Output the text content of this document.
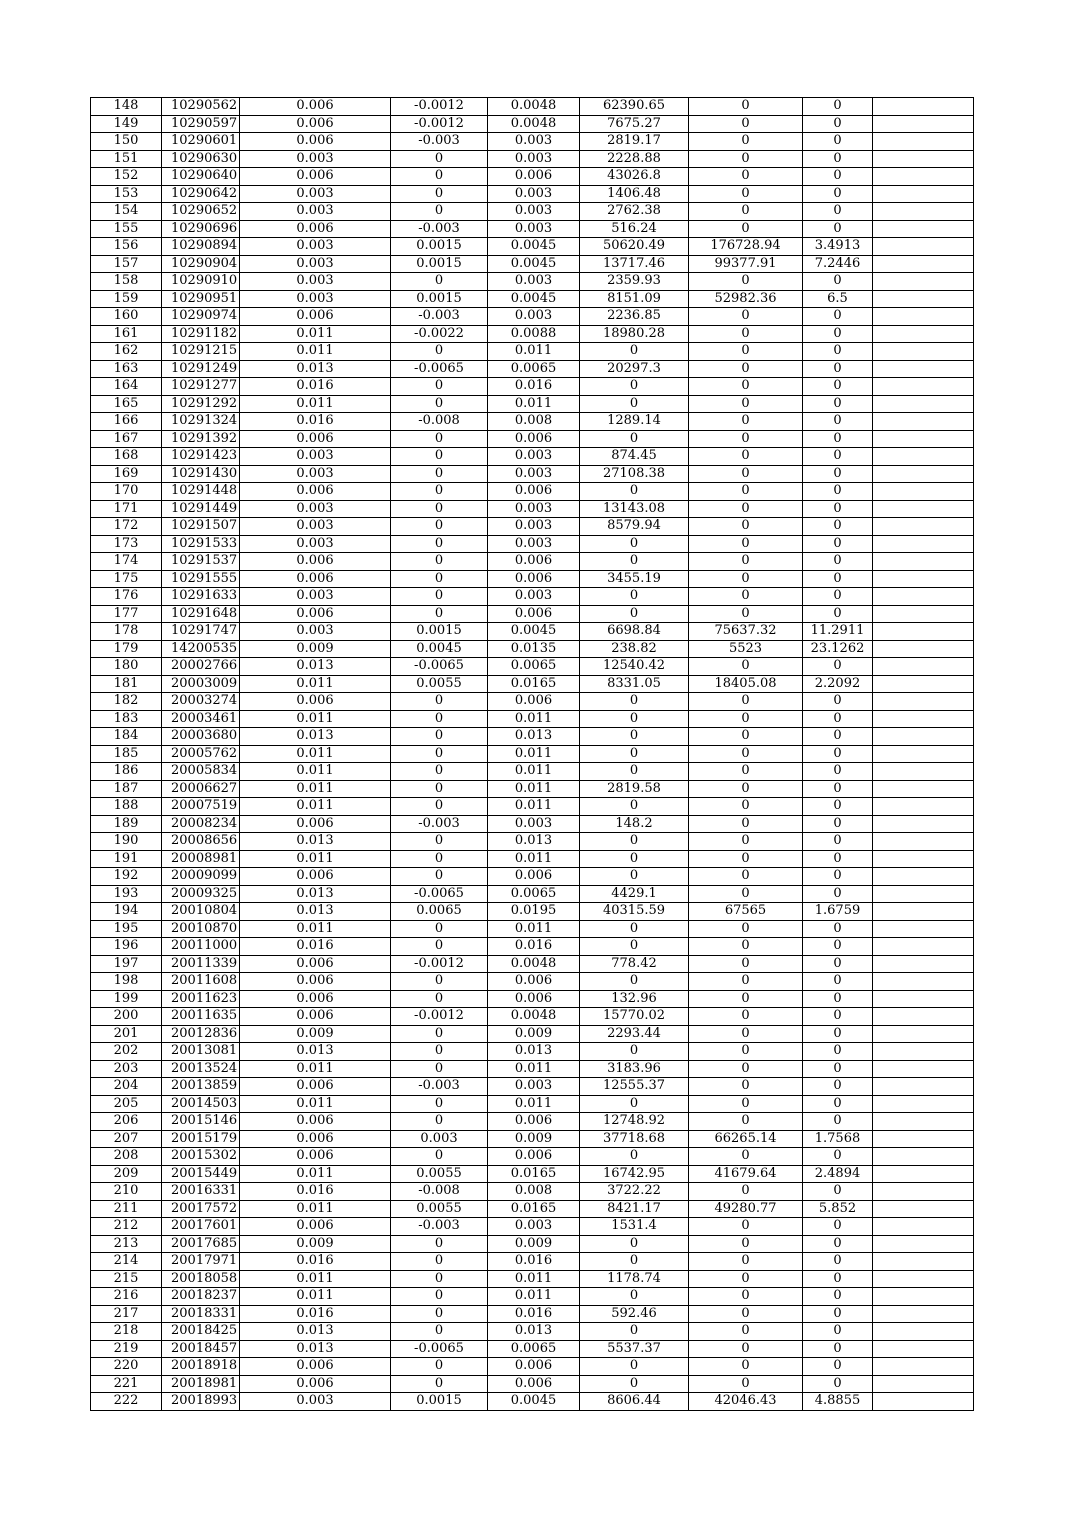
148	10290562	0.006	-0.0012	0.0048	62390.65	0	0	
149	10290597	0.006	-0.0012	0.0048	7675.27	0	0	
150	10290601	0.006	-0.003	0.003	2819.17	0	0	
151	10290630	0.003	0	0.003	2228.88	0	0	
152	10290640	0.006	0	0.006	43026.8	0	0	
153	10290642	0.003	0	0.003	1406.48	0	0	
154	10290652	0.003	0	0.003	2762.38	0	0	
155	10290696	0.006	-0.003	0.003	516.24	0	0	
156	10290894	0.003	0.0015	0.0045	50620.49	176728.94	3.4913	
157	10290904	0.003	0.0015	0.0045	13717.46	99377.91	7.2446	
158	10290910	0.003	0	0.003	2359.93	0	0	
159	10290951	0.003	0.0015	0.0045	8151.09	52982.36	6.5	
160	10290974	0.006	-0.003	0.003	2236.85	0	0	
161	10291182	0.011	-0.0022	0.0088	18980.28	0	0	
162	10291215	0.011	0	0.011	0	0	0	
163	10291249	0.013	-0.0065	0.0065	20297.3	0	0	
164	10291277	0.016	0	0.016	0	0	0	
165	10291292	0.011	0	0.011	0	0	0	
166	10291324	0.016	-0.008	0.008	1289.14	0	0	
167	10291392	0.006	0	0.006	0	0	0	
168	10291423	0.003	0	0.003	874.45	0	0	
169	10291430	0.003	0	0.003	27108.38	0	0	
170	10291448	0.006	0	0.006	0	0	0	
171	10291449	0.003	0	0.003	13143.08	0	0	
172	10291507	0.003	0	0.003	8579.94	0	0	
173	10291533	0.003	0	0.003	0	0	0	
174	10291537	0.006	0	0.006	0	0	0	
175	10291555	0.006	0	0.006	3455.19	0	0	
176	10291633	0.003	0	0.003	0	0	0	
177	10291648	0.006	0	0.006	0	0	0	
178	10291747	0.003	0.0015	0.0045	6698.84	75637.32	11.2911	
179	14200535	0.009	0.0045	0.0135	238.82	5523	23.1262	
180	20002766	0.013	-0.0065	0.0065	12540.42	0	0	
181	20003009	0.011	0.0055	0.0165	8331.05	18405.08	2.2092	
182	20003274	0.006	0	0.006	0	0	0	
183	20003461	0.011	0	0.011	0	0	0	
184	20003680	0.013	0	0.013	0	0	0	
185	20005762	0.011	0	0.011	0	0	0	
186	20005834	0.011	0	0.011	0	0	0	
187	20006627	0.011	0	0.011	2819.58	0	0	
188	20007519	0.011	0	0.011	0	0	0	
189	20008234	0.006	-0.003	0.003	148.2	0	0	
190	20008656	0.013	0	0.013	0	0	0	
191	20008981	0.011	0	0.011	0	0	0	
192	20009099	0.006	0	0.006	0	0	0	
193	20009325	0.013	-0.0065	0.0065	4429.1	0	0	
194	20010804	0.013	0.0065	0.0195	40315.59	67565	1.6759	
195	20010870	0.011	0	0.011	0	0	0	
196	20011000	0.016	0	0.016	0	0	0	
197	20011339	0.006	-0.0012	0.0048	778.42	0	0	
198	20011608	0.006	0	0.006	0	0	0	
199	20011623	0.006	0	0.006	132.96	0	0	
200	20011635	0.006	-0.0012	0.0048	15770.02	0	0	
201	20012836	0.009	0	0.009	2293.44	0	0	
202	20013081	0.013	0	0.013	0	0	0	
203	20013524	0.011	0	0.011	3183.96	0	0	
204	20013859	0.006	-0.003	0.003	12555.37	0	0	
205	20014503	0.011	0	0.011	0	0	0	
206	20015146	0.006	0	0.006	12748.92	0	0	
207	20015179	0.006	0.003	0.009	37718.68	66265.14	1.7568	
208	20015302	0.006	0	0.006	0	0	0	
209	20015449	0.011	0.0055	0.0165	16742.95	41679.64	2.4894	
210	20016331	0.016	-0.008	0.008	3722.22	0	0	
211	20017572	0.011	0.0055	0.0165	8421.17	49280.77	5.852	
212	20017601	0.006	-0.003	0.003	1531.4	0	0	
213	20017685	0.009	0	0.009	0	0	0	
214	20017971	0.016	0	0.016	0	0	0	
215	20018058	0.011	0	0.011	1178.74	0	0	
216	20018237	0.011	0	0.011	0	0	0	
217	20018331	0.016	0	0.016	592.46	0	0	
218	20018425	0.013	0	0.013	0	0	0	
219	20018457	0.013	-0.0065	0.0065	5537.37	0	0	
220	20018918	0.006	0	0.006	0	0	0	
221	20018981	0.006	0	0.006	0	0	0	
222	20018993	0.003	0.0015	0.0045	8606.44	42046.43	4.8855	
